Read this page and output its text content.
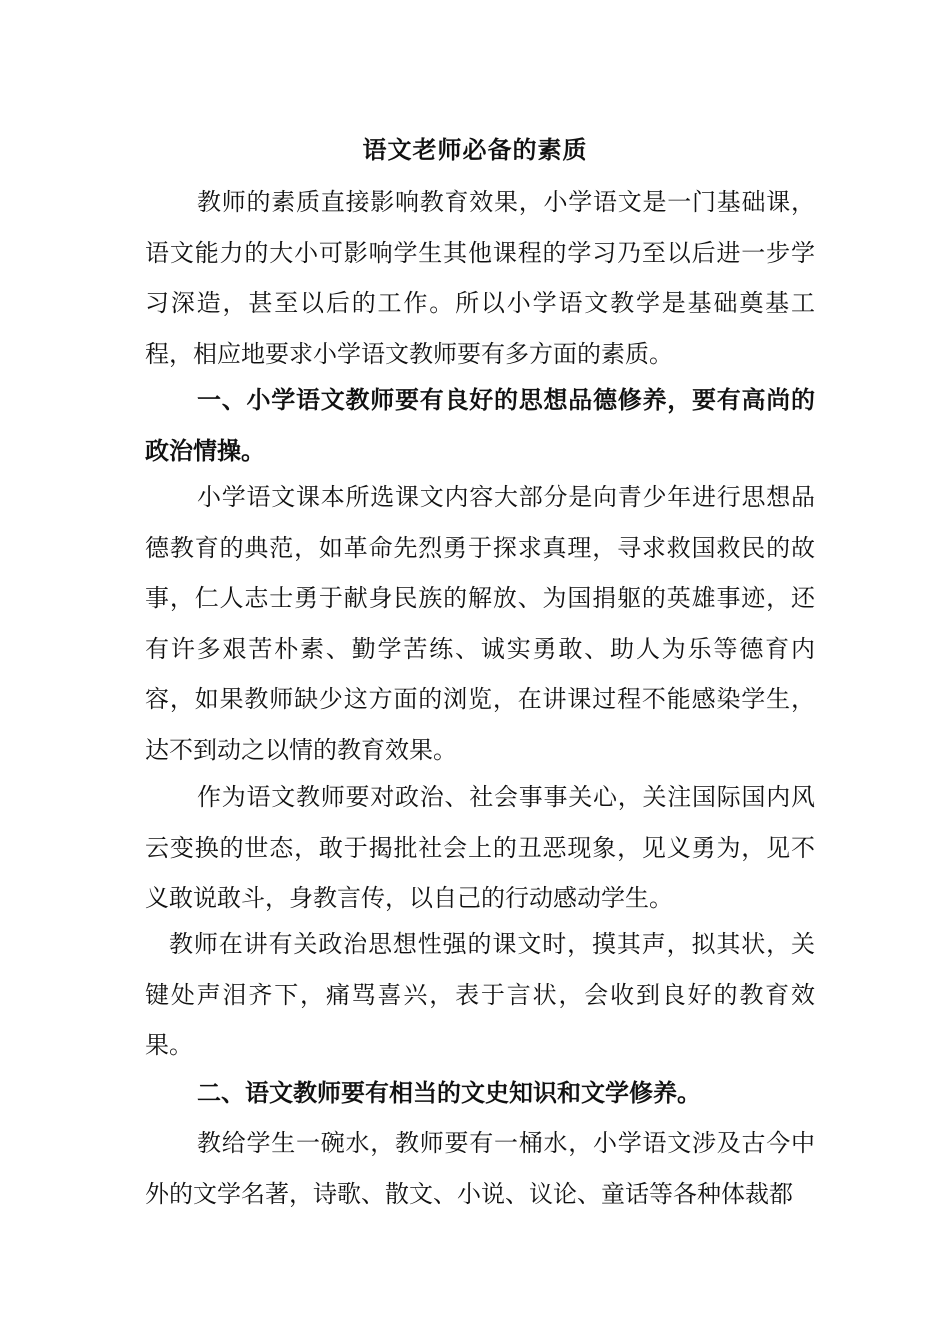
语文老师必备的素质

教师的素质直接影响教育效果，小学语文是一门基础课，语文能力的大小可影响学生其他课程的学习乃至以后进一步学习深造，甚至以后的工作。所以小学语文教学是基础奠基工程，相应地要求小学语文教师要有多方面的素质。

一、小学语文教师要有良好的思想品德修养，要有高尚的政治情操。

小学语文课本所选课文内容大部分是向青少年进行思想品德教育的典范，如革命先烈勇于探求真理，寻求救国救民的故事，仁人志士勇于献身民族的解放、为国捐躯的英雄事迹，还有许多艰苦朴素、勤学苦练、诚实勇敢、助人为乐等德育内容，如果教师缺少这方面的浏览，在讲课过程不能感染学生，达不到动之以情的教育效果。

作为语文教师要对政治、社会事事关心，关注国际国内风云变换的世态，敢于揭批社会上的丑恶现象，见义勇为，见不义敢说敢斗，身教言传，以自己的行动感动学生。

教师在讲有关政治思想性强的课文时，摸其声，拟其状，关键处声泪齐下，痛骂喜兴，表于言状，会收到良好的教育效果。

二、语文教师要有相当的文史知识和文学修养。

教给学生一碗水，教师要有一桶水，小学语文涉及古今中外的文学名著，诗歌、散文、小说、议论、童话等各种体裁都
